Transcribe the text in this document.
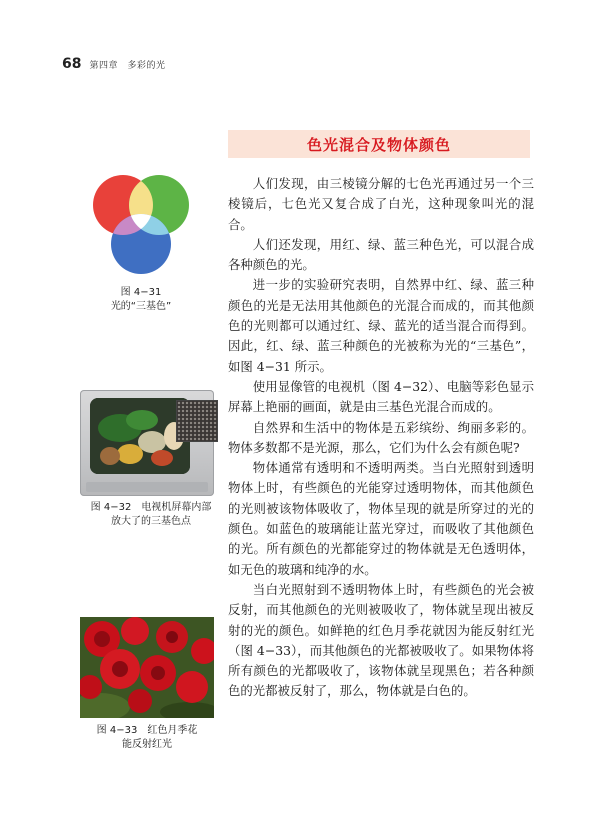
68 第四章　多彩的光
色光混合及物体颜色
图 4−31
光的“三基色”
图 4−32　电视机屏幕内部
放大了的三基色点
图 4−33　红色月季花
能反射红光

人们发现，由三棱镜分解的七色光再通过另一个三棱镜后，七色光又复合成了白光，这种现象叫光的混合。

人们还发现，用红、绿、蓝三种色光，可以混合成各种颜色的光。

进一步的实验研究表明，自然界中红、绿、蓝三种颜色的光是无法用其他颜色的光混合而成的，而其他颜色的光则都可以通过红、绿、蓝光的适当混合而得到。因此，红、绿、蓝三种颜色的光被称为光的“三基色”，如图 4−31 所示。

使用显像管的电视机（图 4−32）、电脑等彩色显示屏幕上艳丽的画面，就是由三基色光混合而成的。

自然界和生活中的物体是五彩缤纷、绚丽多彩的。物体多数都不是光源，那么，它们为什么会有颜色呢?

物体通常有透明和不透明两类。当白光照射到透明物体上时，有些颜色的光能穿过透明物体，而其他颜色的光则被该物体吸收了，物体呈现的就是所穿过的光的颜色。如蓝色的玻璃能让蓝光穿过，而吸收了其他颜色的光。所有颜色的光都能穿过的物体就是无色透明体，如无色的玻璃和纯净的水。

当白光照射到不透明物体上时，有些颜色的光会被反射，而其他颜色的光则被吸收了，物体就呈现出被反射的光的颜色。如鲜艳的红色月季花就因为能反射红光（图 4−33），而其他颜色的光都被吸收了。如果物体将所有颜色的光都吸收了，该物体就呈现黑色；若各种颜色的光都被反射了，那么，物体就是白色的。
